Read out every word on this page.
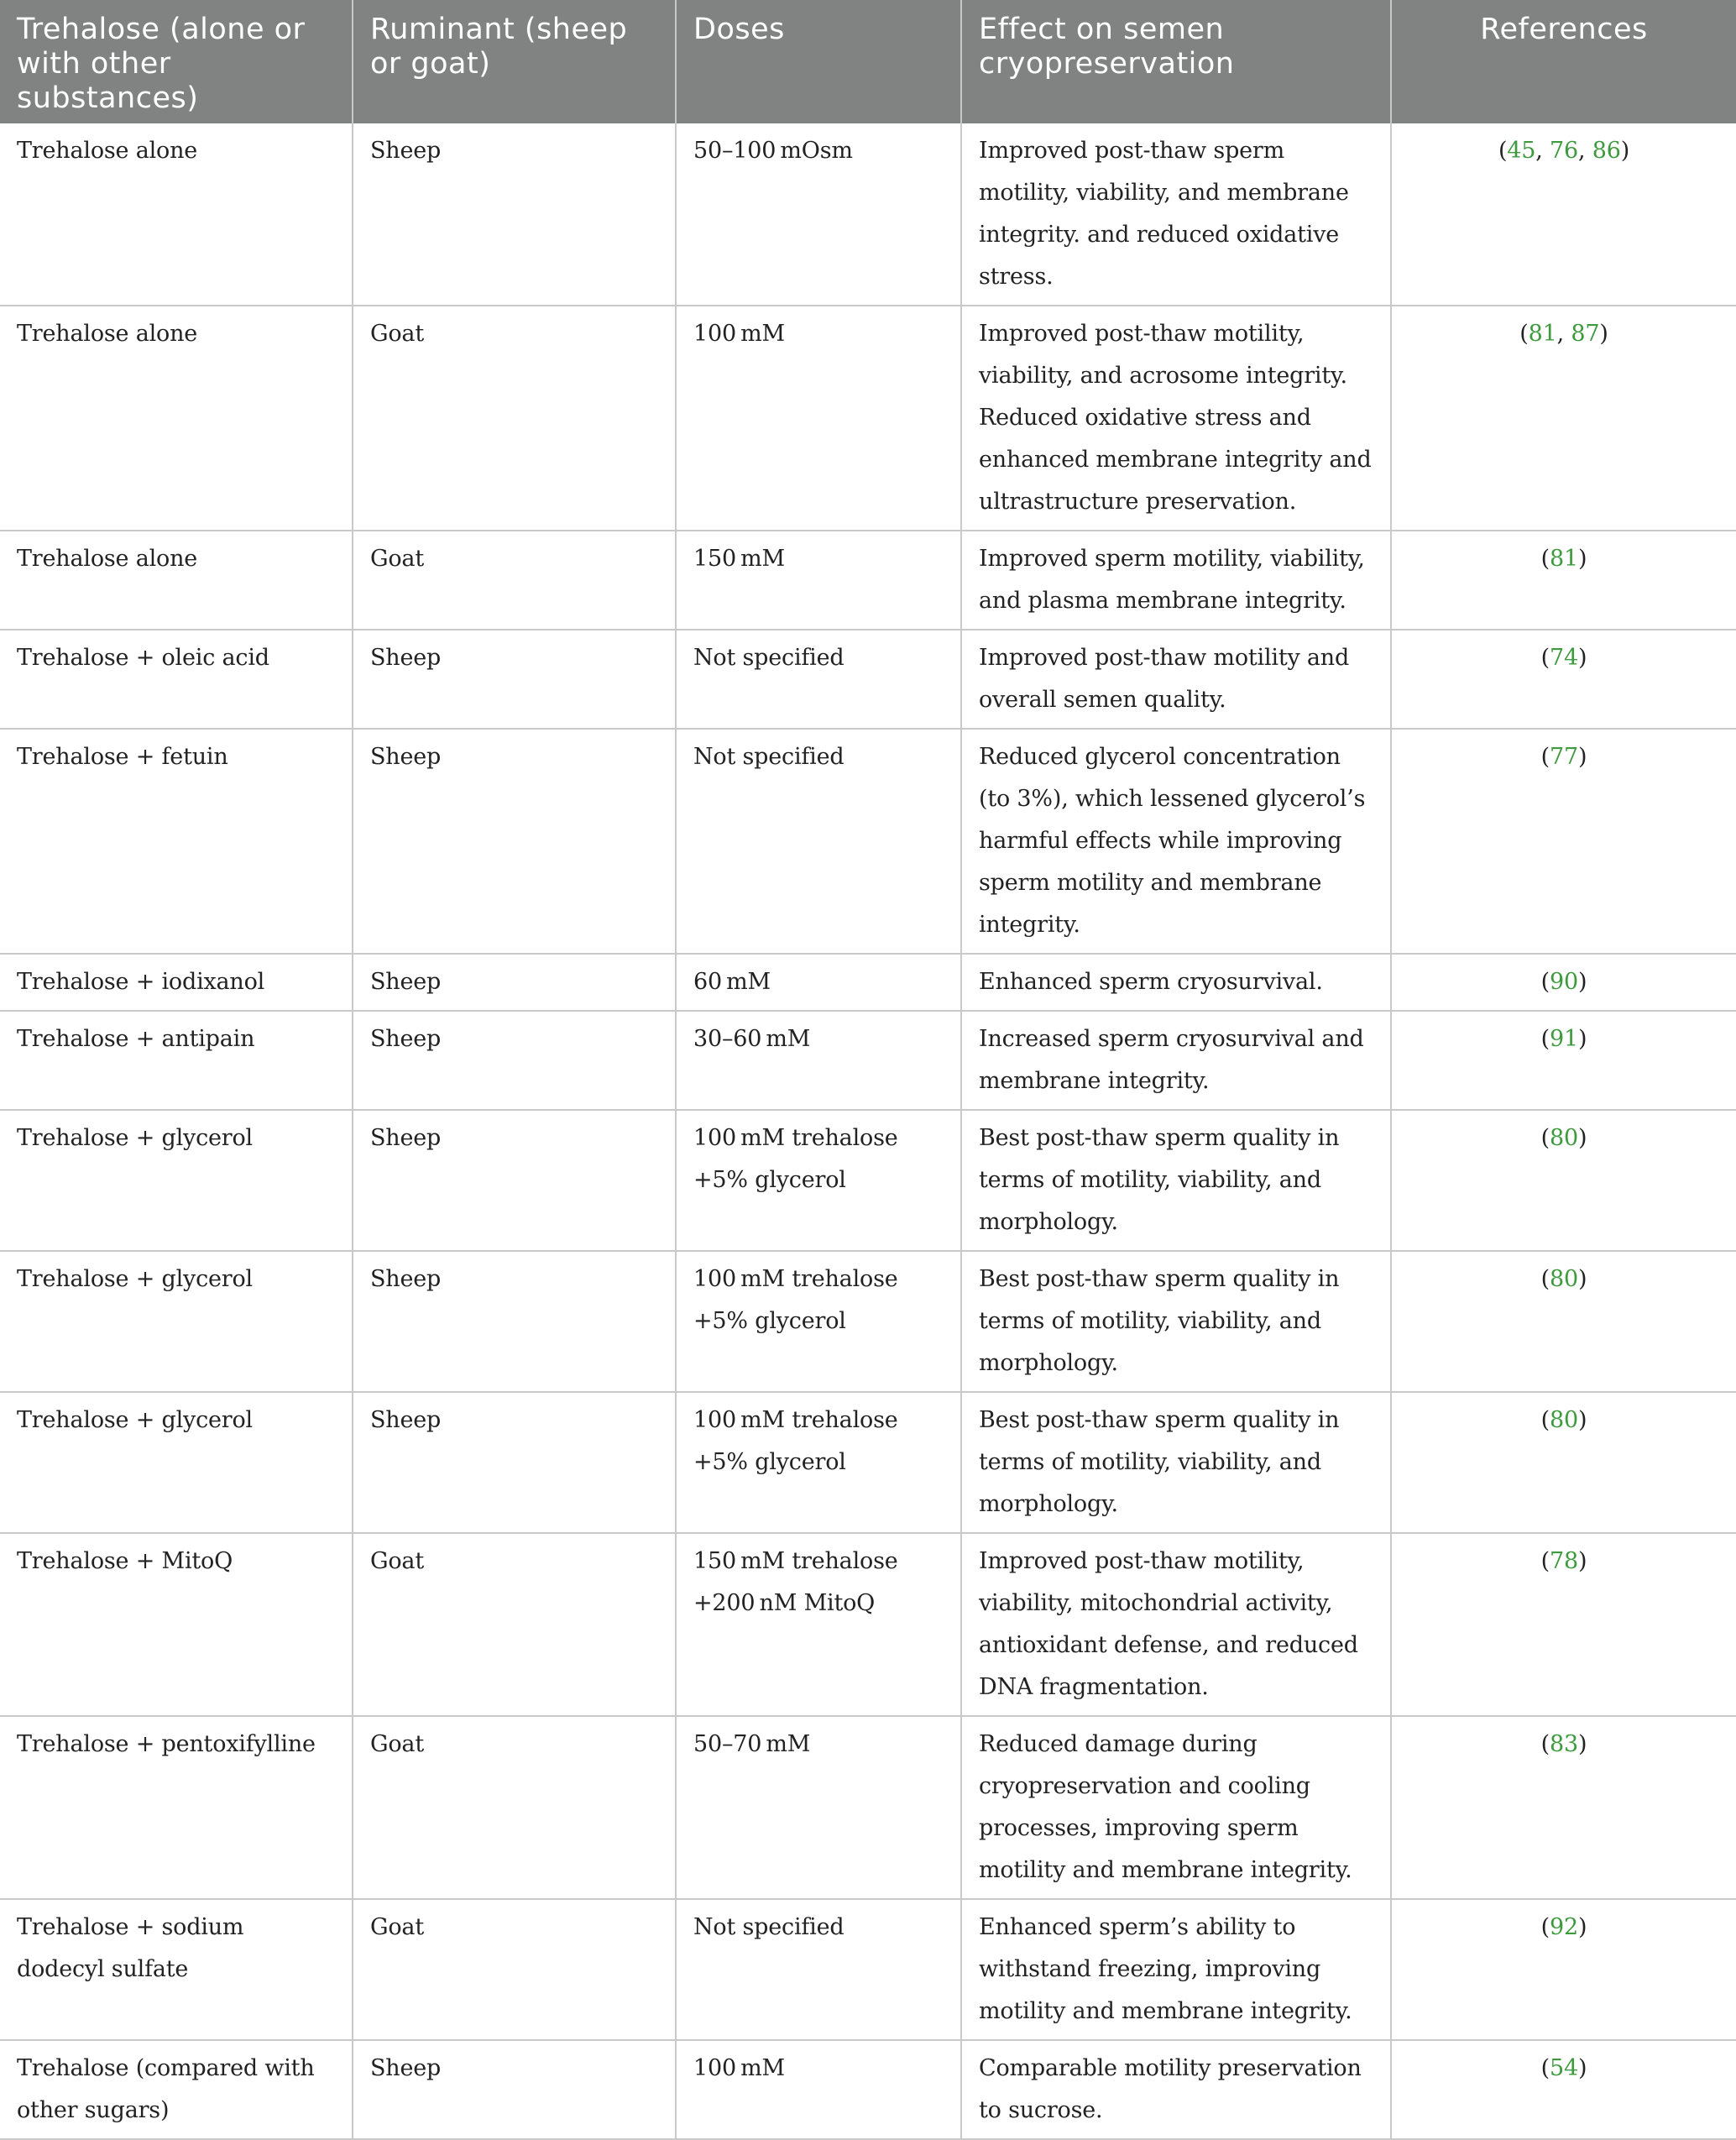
Trehalose (alone or with other substances)	Ruminant (sheep or goat)	Doses	Effect on semen cryopreservation	References
Trehalose alone	Sheep	50–100 mOsm	Improved post-thaw sperm motility, viability, and membrane integrity. and reduced oxidative stress.	(45, 76, 86)
Trehalose alone	Goat	100 mM	Improved post-thaw motility, viability, and acrosome integrity. Reduced oxidative stress and enhanced membrane integrity and ultrastructure preservation.	(81, 87)
Trehalose alone	Goat	150 mM	Improved sperm motility, viability, and plasma membrane integrity.	(81)
Trehalose + oleic acid	Sheep	Not specified	Improved post-thaw motility and overall semen quality.	(74)
Trehalose + fetuin	Sheep	Not specified	Reduced glycerol concentration (to 3%), which lessened glycerol’s harmful effects while improving sperm motility and membrane integrity.	(77)
Trehalose + iodixanol	Sheep	60 mM	Enhanced sperm cryosurvival.	(90)
Trehalose + antipain	Sheep	30–60 mM	Increased sperm cryosurvival and membrane integrity.	(91)
Trehalose + glycerol	Sheep	100 mM trehalose +5% glycerol	Best post-thaw sperm quality in terms of motility, viability, and morphology.	(80)
Trehalose + glycerol	Sheep	100 mM trehalose +5% glycerol	Best post-thaw sperm quality in terms of motility, viability, and morphology.	(80)
Trehalose + glycerol	Sheep	100 mM trehalose +5% glycerol	Best post-thaw sperm quality in terms of motility, viability, and morphology.	(80)
Trehalose + MitoQ	Goat	150 mM trehalose +200 nM MitoQ	Improved post-thaw motility, viability, mitochondrial activity, antioxidant defense, and reduced DNA fragmentation.	(78)
Trehalose + pentoxifylline	Goat	50–70 mM	Reduced damage during cryopreservation and cooling processes, improving sperm motility and membrane integrity.	(83)
Trehalose + sodium dodecyl sulfate	Goat	Not specified	Enhanced sperm’s ability to withstand freezing, improving motility and membrane integrity.	(92)
Trehalose (compared with other sugars)	Sheep	100 mM	Comparable motility preservation to sucrose.	(54)
